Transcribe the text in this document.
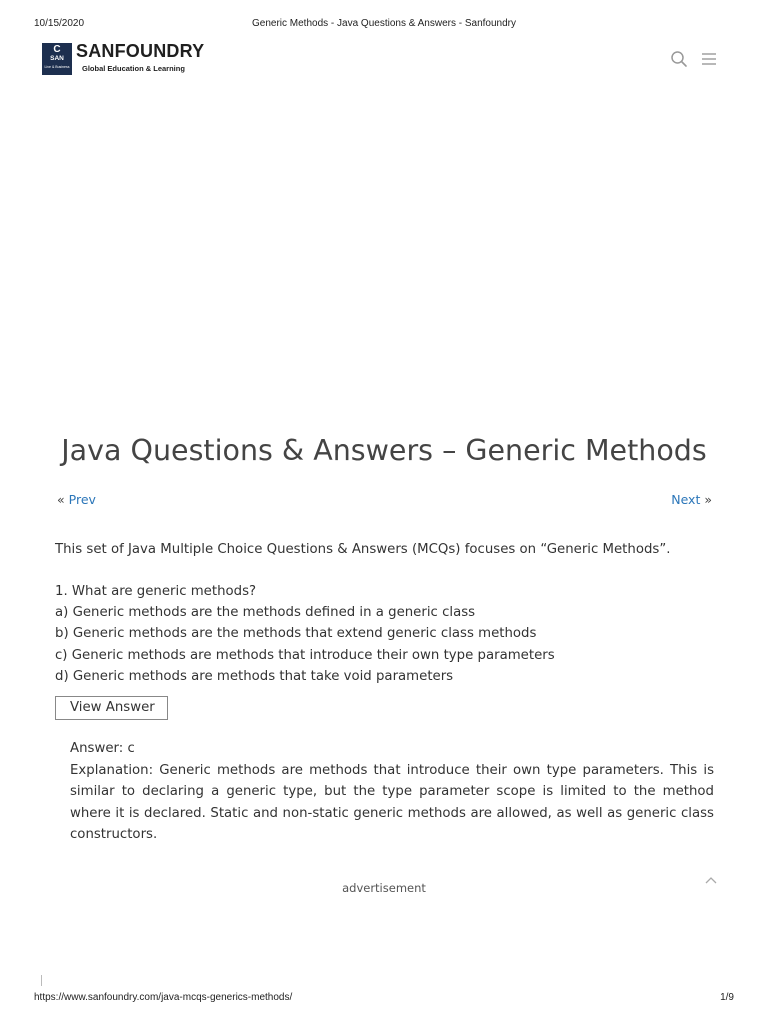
10/15/2020	Generic Methods - Java Questions & Answers - Sanfoundry
C
SAN
Live & Business
SANFOUNDRY
Global Education & Learning
Java Questions & Answers – Generic Methods
« Prev	Next »
This set of Java Multiple Choice Questions & Answers (MCQs) focuses on “Generic Methods”.
1. What are generic methods?
a) Generic methods are the methods defined in a generic class
b) Generic methods are the methods that extend generic class methods
c) Generic methods are methods that introduce their own type parameters
d) Generic methods are methods that take void parameters
View Answer
Answer: c
Explanation: Generic methods are methods that introduce their own type parameters. This is similar to declaring a generic type, but the type parameter scope is limited to the method where it is declared. Static and non-static generic methods are allowed, as well as generic class constructors.
advertisement
https://www.sanfoundry.com/java-mcqs-generics-methods/	1/9
